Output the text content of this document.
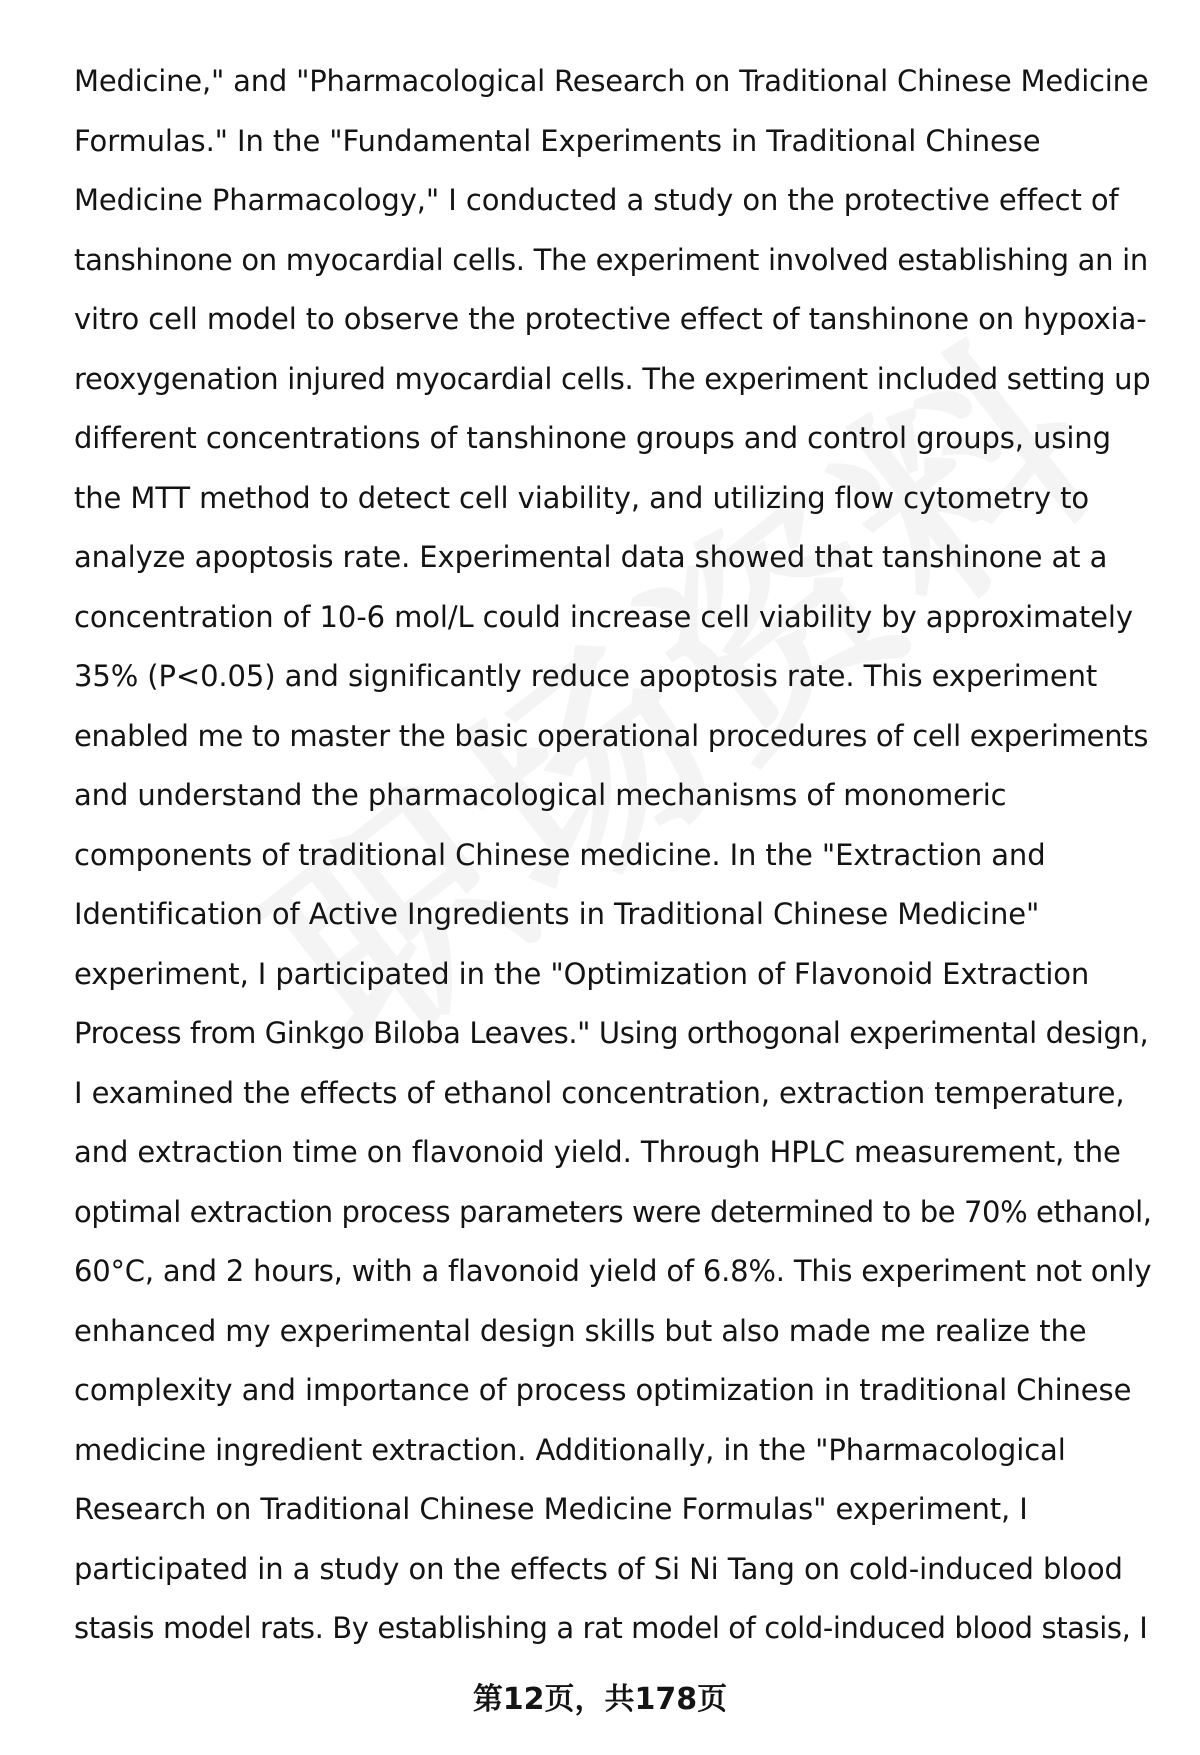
Medicine," and "Pharmacological Research on Traditional Chinese Medicine
Formulas." In the "Fundamental Experiments in Traditional Chinese
Medicine Pharmacology," I conducted a study on the protective effect of
tanshinone on myocardial cells. The experiment involved establishing an in
vitro cell model to observe the protective effect of tanshinone on hypoxia-
reoxygenation injured myocardial cells. The experiment included setting up
different concentrations of tanshinone groups and control groups, using
the MTT method to detect cell viability, and utilizing flow cytometry to
analyze apoptosis rate. Experimental data showed that tanshinone at a
concentration of 10-6 mol/L could increase cell viability by approximately
35% (P<0.05) and significantly reduce apoptosis rate. This experiment
enabled me to master the basic operational procedures of cell experiments
and understand the pharmacological mechanisms of monomeric
components of traditional Chinese medicine. In the "Extraction and
Identification of Active Ingredients in Traditional Chinese Medicine"
experiment, I participated in the "Optimization of Flavonoid Extraction
Process from Ginkgo Biloba Leaves." Using orthogonal experimental design,
I examined the effects of ethanol concentration, extraction temperature,
and extraction time on flavonoid yield. Through HPLC measurement, the
optimal extraction process parameters were determined to be 70% ethanol,
60°C, and 2 hours, with a flavonoid yield of 6.8%. This experiment not only
enhanced my experimental design skills but also made me realize the
complexity and importance of process optimization in traditional Chinese
medicine ingredient extraction. Additionally, in the "Pharmacological
Research on Traditional Chinese Medicine Formulas" experiment, I
participated in a study on the effects of Si Ni Tang on cold-induced blood
stasis model rats. By establishing a rat model of cold-induced blood stasis, I
第12页，共178页
